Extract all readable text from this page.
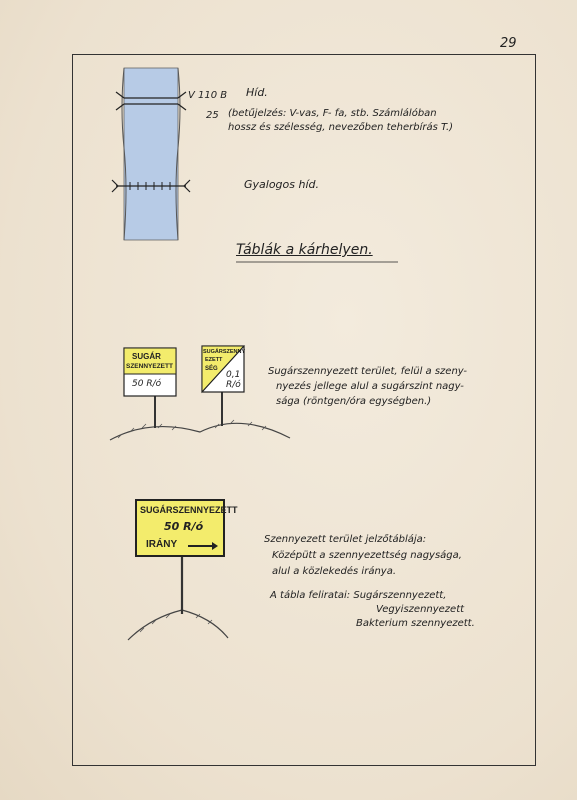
29
V 110 B
25
Híd.
(betűjelzés: V-vas, F- fa, stb. Számlálóban
hossz és szélesség, nevezőben teherbírás T.)
Gyalogos híd.
Táblák a kárhelyen.
SUGÁR
SZENNYEZETT
50 R/ó
SUGÁRSZENNY
EZETT
SÉG
0,1 R/ó
Sugárszennyezett terület, felül a szeny-
nyezés jellege alul a sugárszint nagy-
sága (röntgen/óra egységben.)
SUGÁRSZENNYEZETT
50 R/ó
IRÁNY	Szennyezett terület jelzőtáblája:
Középütt a szennyezettség nagysága,
alul a közlekedés iránya.
A tábla feliratai: Sugárszennyezett,
Vegyiszennyezett
Bakterium szennyezett.
